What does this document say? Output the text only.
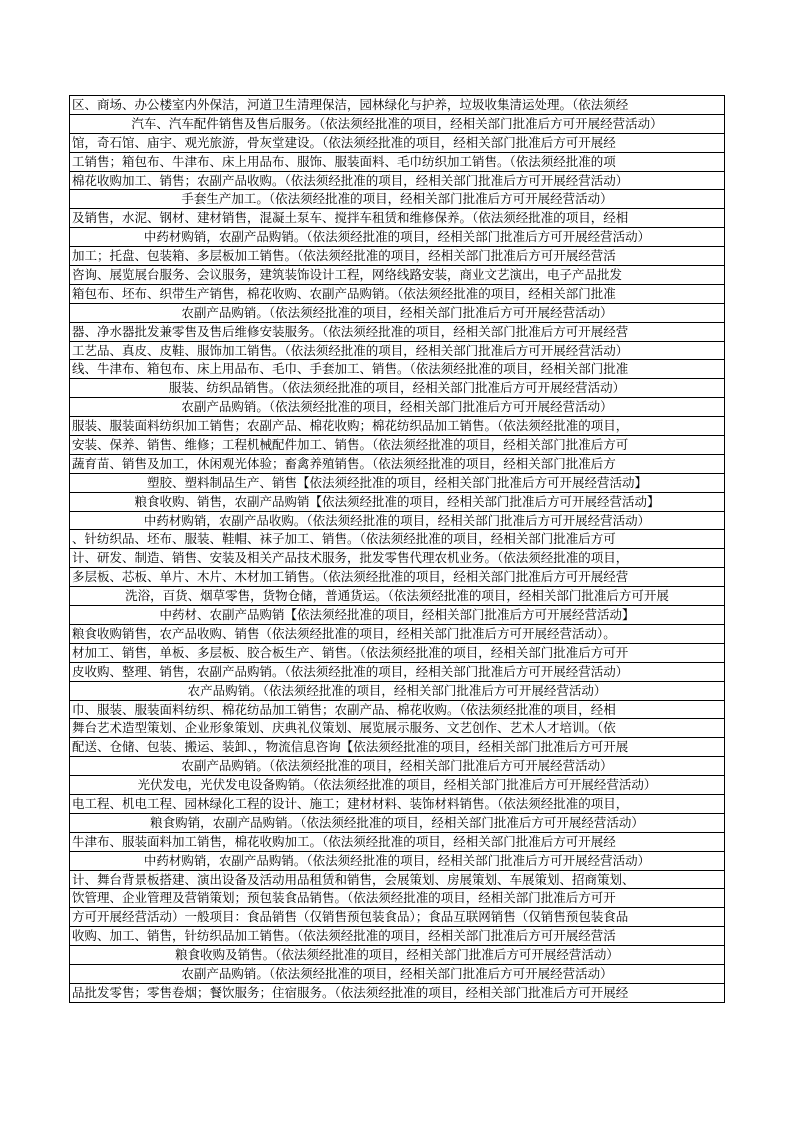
区、商场、办公楼室内外保洁，河道卫生清理保洁，园林绿化与护养，垃圾收集清运处理。（依法须经
汽车、汽车配件销售及售后服务。（依法须经批准的项目，经相关部门批准后方可开展经营活动）
馆，奇石馆、庙宇、观光旅游，骨灰堂建设。（依法须经批准的项目，经相关部门批准后方可开展经
工销售；箱包布、牛津布、床上用品布、服饰、服装面料、毛巾纺织加工销售。（依法须经批准的项
棉花收购加工、销售；农副产品收购。（依法须经批准的项目，经相关部门批准后方可开展经营活动）
手套生产加工。（依法须经批准的项目，经相关部门批准后方可开展经营活动）
及销售，水泥、钢材、建材销售，混凝土泵车、搅拌车租赁和维修保养。（依法须经批准的项目，经相
中药材购销，农副产品购销。（依法须经批准的项目，经相关部门批准后方可开展经营活动）
加工；托盘、包装箱、多层板加工销售。（依法须经批准的项目，经相关部门批准后方可开展经营活
咨询、展览展台服务、会议服务，建筑装饰设计工程，网络线路安装，商业文艺演出，电子产品批发
箱包布、坯布、织带生产销售，棉花收购、农副产品购销。（依法须经批准的项目，经相关部门批准
农副产品购销。（依法须经批准的项目，经相关部门批准后方可开展经营活动）
器、净水器批发兼零售及售后维修安装服务。（依法须经批准的项目，经相关部门批准后方可开展经营
工艺品、真皮、皮鞋、服饰加工销售。（依法须经批准的项目，经相关部门批准后方可开展经营活动）
线、牛津布、箱包布、床上用品布、毛巾、手套加工、销售。（依法须经批准的项目，经相关部门批准
服装、纺织品销售。（依法须经批准的项目，经相关部门批准后方可开展经营活动）
农副产品购销。（依法须经批准的项目，经相关部门批准后方可开展经营活动）
服装、服装面料纺织加工销售；农副产品、棉花收购；棉花纺织品加工销售。（依法须经批准的项目，
安装、保养、销售、维修；工程机械配件加工、销售。（依法须经批准的项目，经相关部门批准后方可
蔬育苗、销售及加工，休闲观光体验；畜禽养殖销售。（依法须经批准的项目，经相关部门批准后方
塑胶、塑料制品生产、销售【依法须经批准的项目，经相关部门批准后方可开展经营活动】
粮食收购、销售，农副产品购销【依法须经批准的项目，经相关部门批准后方可开展经营活动】
中药材购销，农副产品收购。（依法须经批准的项目，经相关部门批准后方可开展经营活动）
、针纺织品、坯布、服装、鞋帽、袜子加工、销售。（依法须经批准的项目，经相关部门批准后方可
计、研发、制造、销售、安装及相关产品技术服务，批发零售代理农机业务。（依法须经批准的项目，
多层板、芯板、单片、木片、木材加工销售。（依法须经批准的项目，经相关部门批准后方可开展经营
洗浴，百货、烟草零售，货物仓储，普通货运。（依法须经批准的项目，经相关部门批准后方可开展
中药材、农副产品购销【依法须经批准的项目，经相关部门批准后方可开展经营活动】
粮食收购销售，农产品收购、销售（依法须经批准的项目，经相关部门批准后方可开展经营活动）。
材加工、销售，单板、多层板、胶合板生产、销售。（依法须经批准的项目，经相关部门批准后方可开
皮收购、整理、销售，农副产品购销。（依法须经批准的项目，经相关部门批准后方可开展经营活动）
农产品购销。（依法须经批准的项目，经相关部门批准后方可开展经营活动）
巾、服装、服装面料纺织、棉花纺品加工销售；农副产品、棉花收购。（依法须经批准的项目，经相
舞台艺术造型策划、企业形象策划、庆典礼仪策划、展览展示服务、文艺创作、艺术人才培训。（依
配送、仓储、包装、搬运、装卸、，物流信息咨询【依法须经批准的项目，经相关部门批准后方可开展
农副产品购销。（依法须经批准的项目，经相关部门批准后方可开展经营活动）
光伏发电，光伏发电设备购销。（依法须经批准的项目，经相关部门批准后方可开展经营活动）
电工程、机电工程、园林绿化工程的设计、施工；建材材料、装饰材料销售。（依法须经批准的项目，
粮食购销，农副产品购销。（依法须经批准的项目，经相关部门批准后方可开展经营活动）
牛津布、服装面料加工销售，棉花收购加工。（依法须经批准的项目，经相关部门批准后方可开展经
中药材购销，农副产品购销。（依法须经批准的项目，经相关部门批准后方可开展经营活动）
计、舞台背景板搭建、演出设备及活动用品租赁和销售，会展策划、房展策划、车展策划、招商策划、
饮管理、企业管理及营销策划；预包装食品销售。（依法须经批准的项目，经相关部门批准后方可开
方可开展经营活动）一般项目：食品销售（仅销售预包装食品）；食品互联网销售（仅销售预包装食品
收购、加工、销售，针纺织品加工销售。（依法须经批准的项目，经相关部门批准后方可开展经营活
粮食收购及销售。（依法须经批准的项目，经相关部门批准后方可开展经营活动）
农副产品购销。（依法须经批准的项目，经相关部门批准后方可开展经营活动）
品批发零售；零售卷烟；餐饮服务；住宿服务。（依法须经批准的项目，经相关部门批准后方可开展经
